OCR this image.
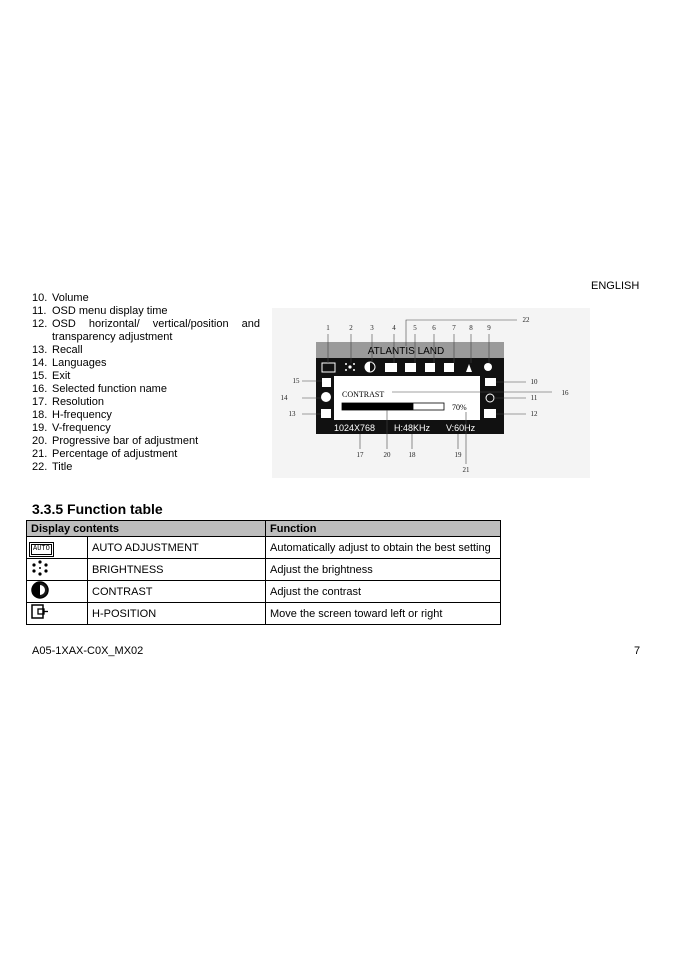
ENGLISH
10. Volume
11. OSD menu display time
12. OSD horizontal/ vertical/position and
transparency adjustment
13. Recall
14. Languages
15. Exit
16. Selected function name
17. Resolution
18. H-frequency
19. V-frequency
20. Progressive bar of adjustment
21. Percentage of adjustment
22. Title
ATLANTIS LAND
CONTRAST
70%
1024X768 H:48KHz V:60Hz
1	2	3	4	5 6 7 8 9
22
15
14
13
10
11
12
16
17	20	18	19
21
3.3.5 Function table
Display contents		Function
AUTO	AUTO ADJUSTMENT	Automatically adjust to obtain the best setting
	BRIGHTNESS	Adjust the brightness
	CONTRAST	Adjust the contrast
	H-POSITION	Move the screen toward left or right
A05-1XAX-C0X_MX02	7
